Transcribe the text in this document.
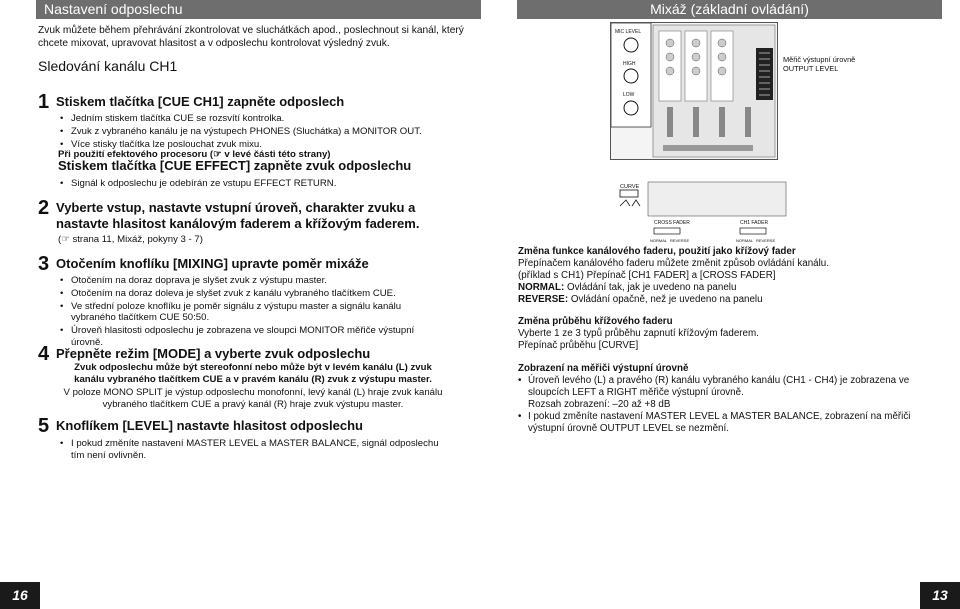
Nastavení odposlechu	Mixáž (základní ovládání)
Zvuk můžete během přehrávání zkontrolovat ve sluchátkách apod., poslechnout si kanál, který chcete mixovat, upravovat hlasitost a v odposlechu kontrolovat výsledný zvuk.
Sledování kanálu CH1
1 Stiskem tlačítka [CUE CH1] zapněte odposlech
• Jedním stiskem tlačítka CUE se rozsvítí kontrolka.
• Zvuk z vybraného kanálu je na výstupech PHONES (Sluchátka) a MONITOR OUT.
• Více stisky tlačítka lze poslouchat zvuk mixu.
Při použití efektového procesoru (☞ v levé části této strany)
Stiskem tlačítka [CUE EFFECT] zapněte zvuk odposlechu
• Signál k odposlechu je odebírán ze vstupu EFFECT RETURN.
2 Vyberte vstup, nastavte vstupní úroveň, charakter zvuku a nastavte hlasitost kanálovým faderem a křížovým faderem.
(☞ strana 11, Mixáž, pokyny 3 - 7)
3 Otočením knoflíku [MIXING] upravte poměr mixáže
• Otočením na doraz doprava je slyšet zvuk z výstupu master.
• Otočením na doraz doleva je slyšet zvuk z kanálu vybraného tlačítkem CUE.
• Ve střední poloze knoflíku je poměr signálu z výstupu master a signálu kanálu vybraného tlačítkem CUE 50:50.
• Úroveň hlasitosti odposlechu je zobrazena ve sloupci MONITOR měřiče výstupní úrovně.
4 Přepněte režim [MODE] a vyberte zvuk odposlechu
Zvuk odposlechu může být stereofonní nebo může být v levém kanálu (L) zvuk kanálu vybraného tlačítkem CUE a v pravém kanálu (R) zvuk z výstupu master.
V poloze MONO SPLIT je výstup odposlechu monofonní, levý kanál (L) hraje zvuk kanálu vybraného tlačítkem CUE a pravý kanál (R) hraje zvuk výstupu master.
5 Knoflíkem [LEVEL] nastavte hlasitost odposlechu
• I pokud změníte nastavení MASTER LEVEL a MASTER BALANCE, signál odposlechu tím není ovlivněn.
MIC LEVEL
HIGH
LOW
Měřič výstupní úrovně OUTPUT LEVEL
CURVE
CROSS FADER	CH1 FADER
NORMAL REVERSE	NORMAL REVERSE
Změna funkce kanálového faderu, použití jako křížový fader
Přepínačem kanálového faderu můžete změnit způsob ovládání kanálu.
(příklad s CH1) Přepínač [CH1 FADER] a [CROSS FADER]
NORMAL: Ovládání tak, jak je uvedeno na panelu
REVERSE: Ovládání opačně, než je uvedeno na panelu
Změna průběhu křížového faderu
Vyberte 1 ze 3 typů průběhu zapnutí křížovým faderem.
Přepínač průběhu [CURVE]
Zobrazení na měřiči výstupní úrovně
• Úroveň levého (L) a pravého (R) kanálu vybraného kanálu (CH1 - CH4) je zobrazena ve sloupcích LEFT a RIGHT měřiče výstupní úrovně.
Rozsah zobrazení: –20 až +8 dB
• I pokud změníte nastavení MASTER LEVEL a MASTER BALANCE, zobrazení na měřiči výstupní úrovně OUTPUT LEVEL se nezmění.
16	13
